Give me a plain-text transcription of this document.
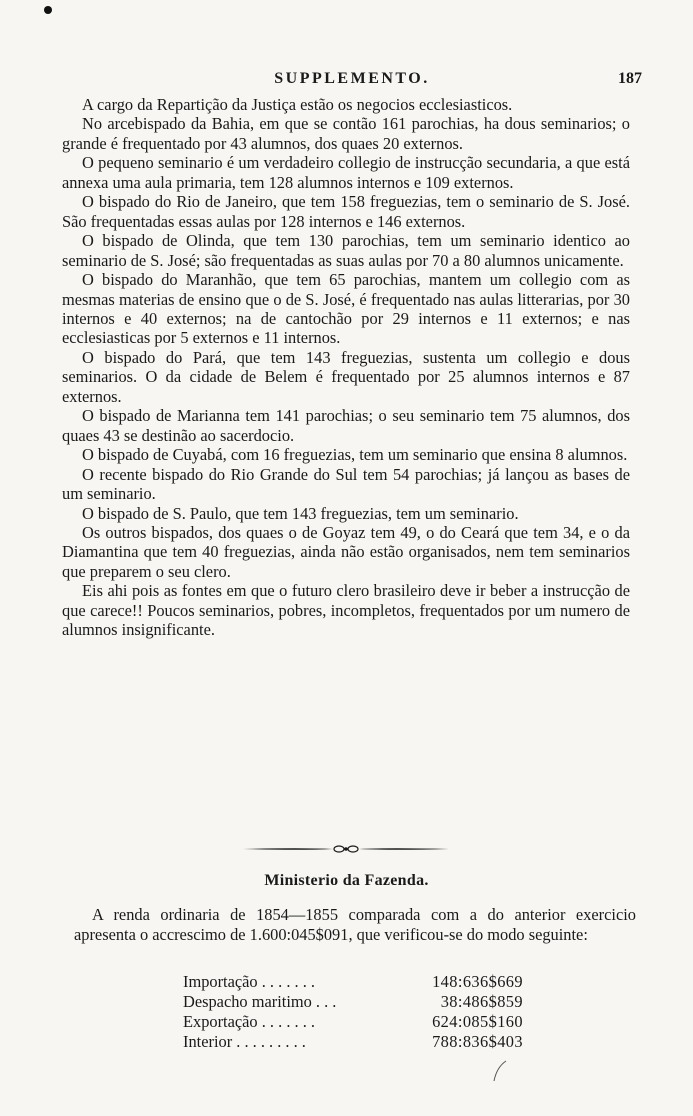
SUPPLEMENTO.	187

A cargo da Repartição da Justiça estão os negocios ecclesiasticos.

No arcebispado da Bahia, em que se contão 161 parochias, ha dous seminarios; o grande é frequentado por 43 alumnos, dos quaes 20 externos.

O pequeno seminario é um verdadeiro collegio de instrucção secundaria, a que está annexa uma aula primaria, tem 128 alumnos internos e 109 externos.

O bispado do Rio de Janeiro, que tem 158 freguezias, tem o seminario de S. José. São frequentadas essas aulas por 128 internos e 146 externos.

O bispado de Olinda, que tem 130 parochias, tem um seminario identico ao seminario de S. José; são frequentadas as suas aulas por 70 a 80 alumnos unicamente.

O bispado do Maranhão, que tem 65 parochias, mantem um collegio com as mesmas materias de ensino que o de S. José, é frequentado nas aulas litterarias, por 30 internos e 40 externos; na de cantochão por 29 internos e 11 externos; e nas ecclesiasticas por 5 externos e 11 internos.

O bispado do Pará, que tem 143 freguezias, sustenta um collegio e dous seminarios. O da cidade de Belem é frequentado por 25 alumnos internos e 87 externos.

O bispado de Marianna tem 141 parochias; o seu seminario tem 75 alumnos, dos quaes 43 se destinão ao sacerdocio.

O bispado de Cuyabá, com 16 freguezias, tem um seminario que ensina 8 alumnos.

O recente bispado do Rio Grande do Sul tem 54 parochias; já lançou as bases de um seminario.

O bispado de S. Paulo, que tem 143 freguezias, tem um seminario.

Os outros bispados, dos quaes o de Goyaz tem 49, o do Ceará que tem 34, e o da Diamantina que tem 40 freguezias, ainda não estão organisados, nem tem seminarios que preparem o seu clero.

Eis ahi pois as fontes em que o futuro clero brasileiro deve ir beber a instrucção de que carece!! Poucos seminarios, pobres, incompletos, frequentados por um numero de alumnos insignificante.

Ministerio da Fazenda.

A renda ordinaria de 1854—1855 comparada com a do anterior exercicio apresenta o accrescimo de 1.600:045$091, que verificou-se do modo seguinte:

Importação . . . . . . .	148:636$669
Despacho maritimo . . .	38:486$859
Exportação . . . . . . .	624:085$160
Interior . . . . . . . . .	788:836$403
